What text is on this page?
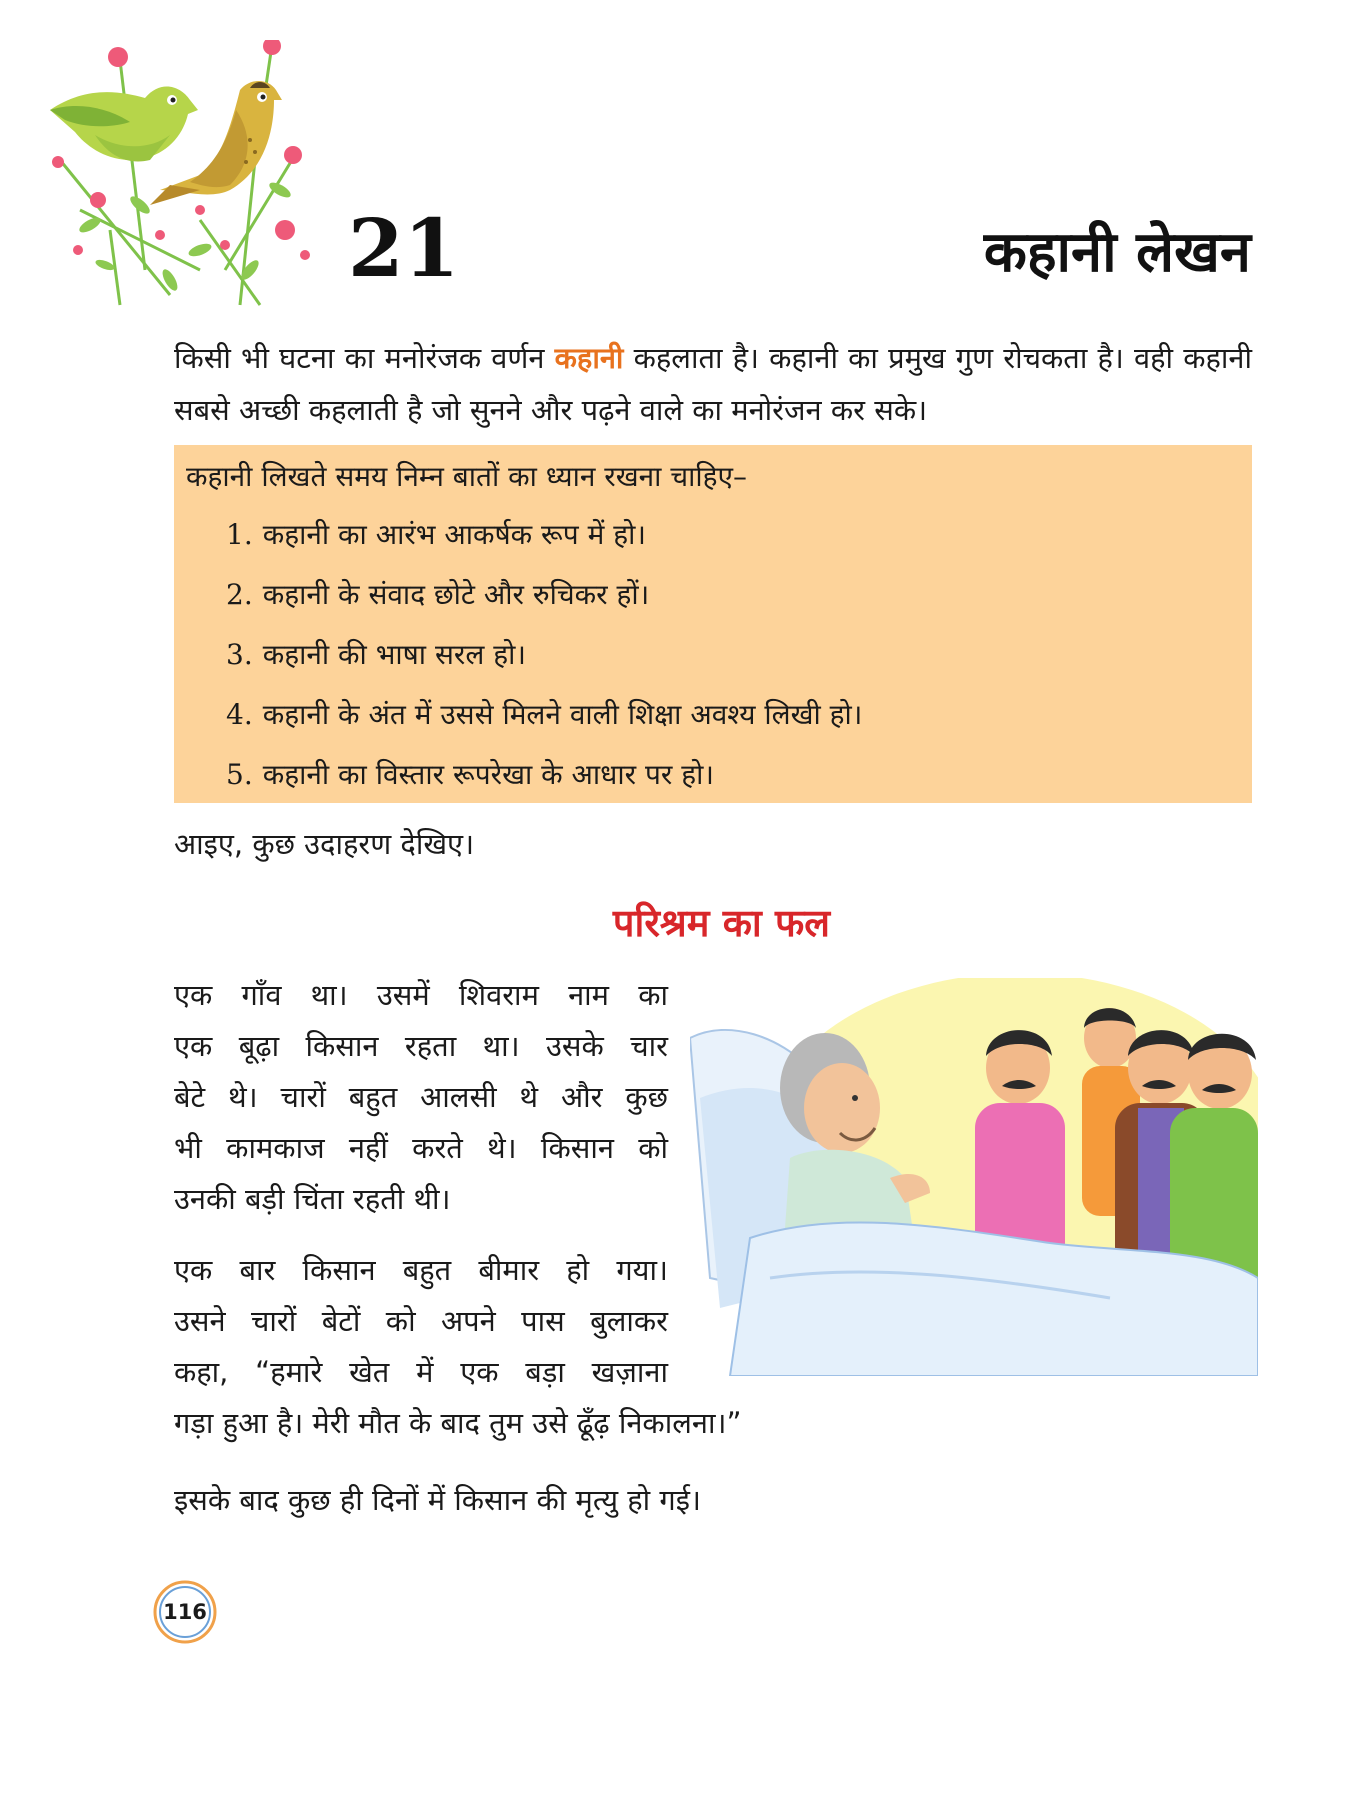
21	कहानी लेखन

किसी भी घटना का मनोरंजक वर्णन कहानी कहलाता है। कहानी का प्रमुख गुण रोचकता है। वही कहानी सबसे अच्छी कहलाती है जो सुनने और पढ़ने वाले का मनोरंजन कर सके।

कहानी लिखते समय निम्न बातों का ध्यान रखना चाहिए–

1. कहानी का आरंभ आकर्षक रूप में हो।
2. कहानी के संवाद छोटे और रुचिकर हों।
3. कहानी की भाषा सरल हो।
4. कहानी के अंत में उससे मिलने वाली शिक्षा अवश्य लिखी हो।
5. कहानी का विस्तार रूपरेखा के आधार पर हो।

आइए, कुछ उदाहरण देखिए।

परिश्रम का फल

एक गाँव था। उसमें शिवराम नाम का

एक बूढ़ा किसान रहता था। उसके चार

बेटे थे। चारों बहुत आलसी थे और कुछ

भी कामकाज नहीं करते थे। किसान को

उनकी बड़ी चिंता रहती थी।

एक बार किसान बहुत बीमार हो गया।

उसने चारों बेटों को अपने पास बुलाकर

कहा, “हमारे खेत में एक बड़ा खज़ाना

गड़ा हुआ है। मेरी मौत के बाद तुम उसे ढूँढ़ निकालना।”

इसके बाद कुछ ही दिनों में किसान की मृत्यु हो गई।

116
